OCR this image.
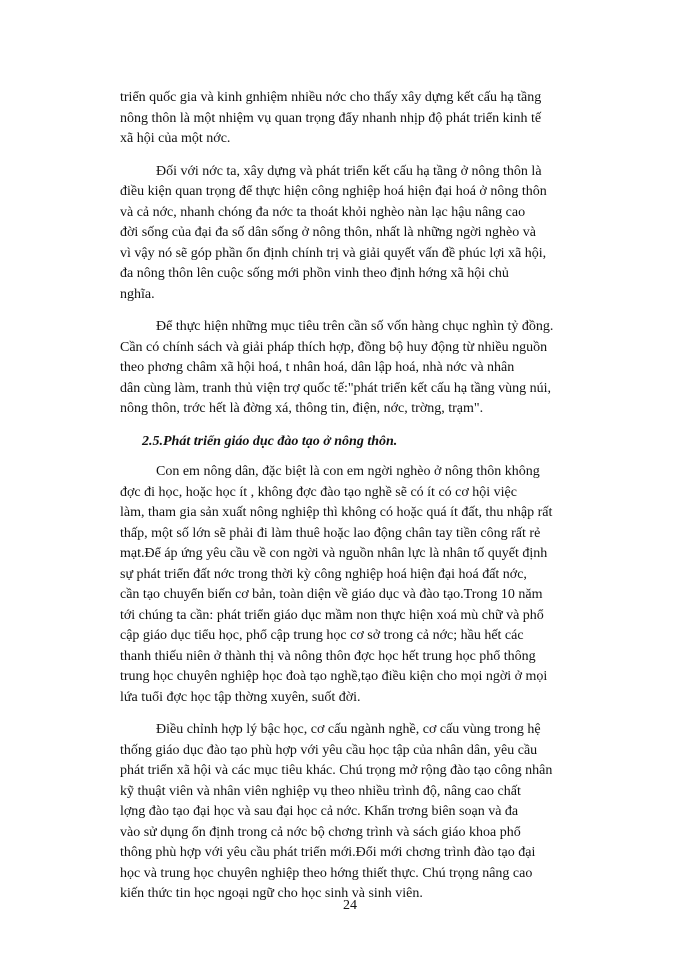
triển quốc gia và kinh gnhiệm nhiều nớc cho thấy xây dựng kết cấu hạ tầng
nông thôn là một nhiệm vụ quan trọng đẩy nhanh nhịp độ phát triển kinh tế
xã hội của một nớc.
Đối với nớc ta, xây dựng và phát triển kết cấu hạ tầng ở nông thôn là
điều kiện quan trọng để thực hiện công nghiệp hoá hiện đại hoá ở nông thôn
và cả nớc, nhanh chóng đa nớc ta thoát khỏi nghèo nàn lạc hậu nâng cao
đời sống của đại đa số dân sống ở nông thôn, nhất là những ngời nghèo và
vì vậy nó sẽ góp phần ổn định chính trị và giải quyết vấn đề phúc lợi xã hội,
đa nông thôn lên cuộc sống mới phồn vinh theo định hớng xã hội chủ
nghĩa.
Để thực hiện những mục tiêu trên cần số vốn hàng chục nghìn tỷ đồng.
Cần có chính sách và giải pháp thích hợp, đồng bộ huy động từ nhiều nguồn
theo phơng châm xã hội hoá, t nhân hoá, dân lập hoá, nhà nớc và nhân
dân cùng làm, tranh thủ viện trợ quốc tế:"phát triển kết cấu hạ tầng vùng núi,
nông thôn, trớc hết là đờng xá, thông tin, điện, nớc, trờng, trạm".
2.5.Phát triển giáo dục đào tạo ở nông thôn.
Con em nông dân, đặc biệt là con em ngời nghèo ở nông thôn không
đợc đi học, hoặc học ít , không đợc đào tạo nghề sẽ có ít có cơ hội việc
làm, tham gia sản xuất nông nghiệp thì không có hoặc quá ít đất, thu nhập rất
thấp, một số lớn sẽ phải đi làm thuê hoặc lao động chân tay tiền công rất rẻ
mạt.Để áp ứng yêu cầu về con ngời và nguồn nhân lực là nhân tố quyết định
sự phát triển đất nớc trong thời kỳ công nghiệp hoá hiện đại hoá đất nớc,
cần tạo chuyển biến cơ bản, toàn diện về giáo dục và đào tạo.Trong 10 năm
tới chúng ta cần: phát triển giáo dục mầm non thực hiện xoá mù chữ và phổ
cập giáo dục tiểu học, phổ cập trung học cơ sở trong cả nớc; hầu hết các
thanh thiếu niên ở thành thị và nông thôn đợc học hết trung học phổ thông
trung học chuyên nghiệp học đoà tạo nghề,tạo điều kiện cho mọi ngời ở mọi
lứa tuổi đợc học tập thờng xuyên, suốt đời.
Điều chỉnh hợp lý bậc học, cơ cấu ngành nghề, cơ cấu vùng trong hệ
thống giáo dục đào tạo phù hợp với yêu cầu học tập của nhân dân, yêu cầu
phát triển xã hội và các mục tiêu khác. Chú trọng mở rộng đào tạo công nhân
kỹ thuật viên và nhân viên nghiệp vụ theo nhiều trình độ, nâng cao chất
lợng đào tạo đại học và sau đại học cả nớc. Khẩn trơng biên soạn và đa
vào sử dụng ổn định trong cả nớc bộ chơng trình và sách giáo khoa phổ
thông phù hợp với yêu cầu phát triển mới.Đổi mới chơng trình đào tạo đại
học và trung học chuyên nghiệp theo hớng thiết thực. Chú trọng nâng cao
kiến thức tin học ngoại ngữ cho học sinh và sinh viên.
24
